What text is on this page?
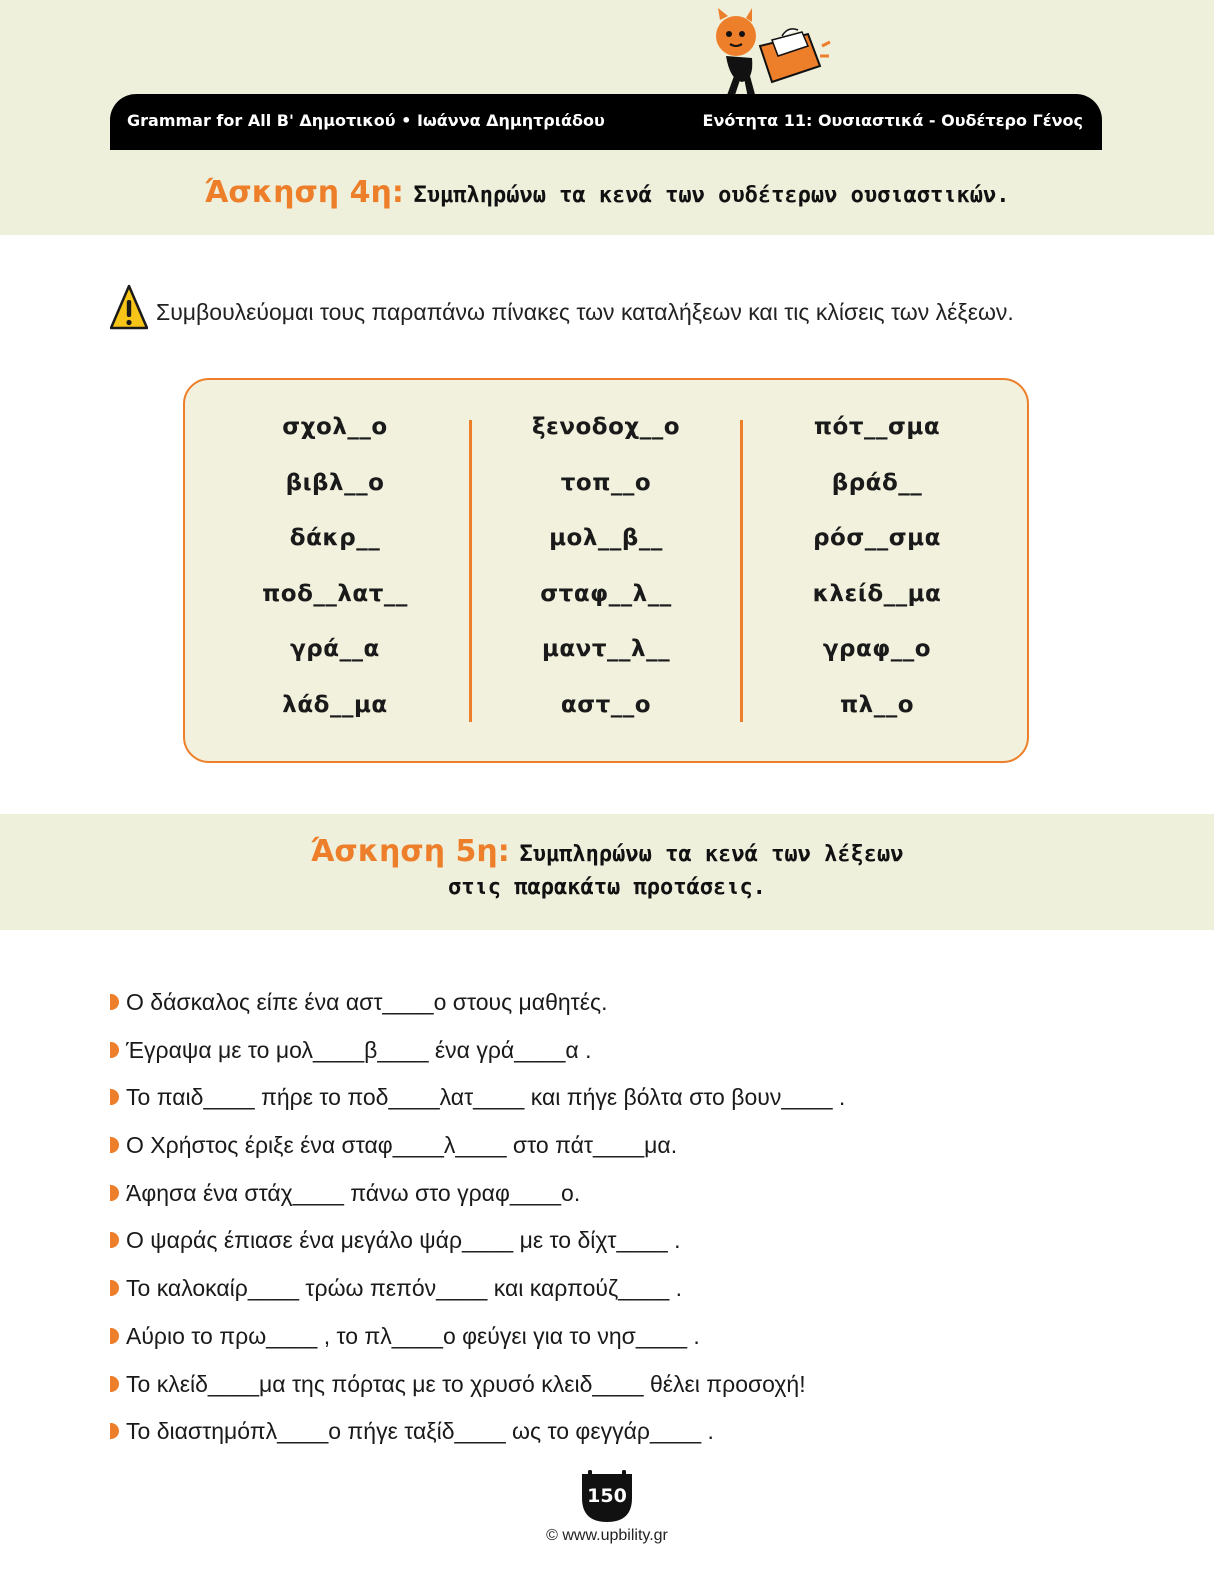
Grammar for All Β' Δημοτικού • Ιωάννα Δημητριάδου	Ενότητα 11: Ουσιαστικά - Ουδέτερο Γένος
Άσκηση 4η: Συμπληρώνω τα κενά των ουδέτερων ουσιαστικών.
Συμβουλεύομαι τους παραπάνω πίνακες των καταλήξεων και τις κλίσεις των λέξεων.
σχολ__ο
βιβλ__ο
δάκρ__
ποδ__λατ__
γρά__α
λάδ__μα
ξενοδοχ__ο
τοπ__ο
μολ__β__
σταφ__λ__
μαντ__λ__
αστ__ο
πότ__σμα
βράδ__
ρόσ__σμα
κλείδ__μα
γραφ__ο
πλ__ο
Άσκηση 5η: Συμπληρώνω τα κενά των λέξεων
στις παρακάτω προτάσεις.
Ο δάσκαλος είπε ένα αστ____ο στους μαθητές.
Έγραψα με το μολ____β____ ένα γρά____α .
Το παιδ____ πήρε το ποδ____λατ____ και πήγε βόλτα στο βουν____ .
Ο Χρήστος έριξε ένα σταφ____λ____ στο πάτ____μα.
Άφησα ένα στάχ____ πάνω στο γραφ____ο.
Ο ψαράς έπιασε ένα μεγάλο ψάρ____ με το δίχτ____ .
Το καλοκαίρ____ τρώω πεπόν____ και καρπούζ____ .
Αύριο το πρω____ , το πλ____ο φεύγει για το νησ____ .
Το κλείδ____μα της πόρτας με το χρυσό κλειδ____ θέλει προσοχή!
Το διαστημόπλ____ο πήγε ταξίδ____ ως το φεγγάρ____ .
150
© www.upbility.gr
